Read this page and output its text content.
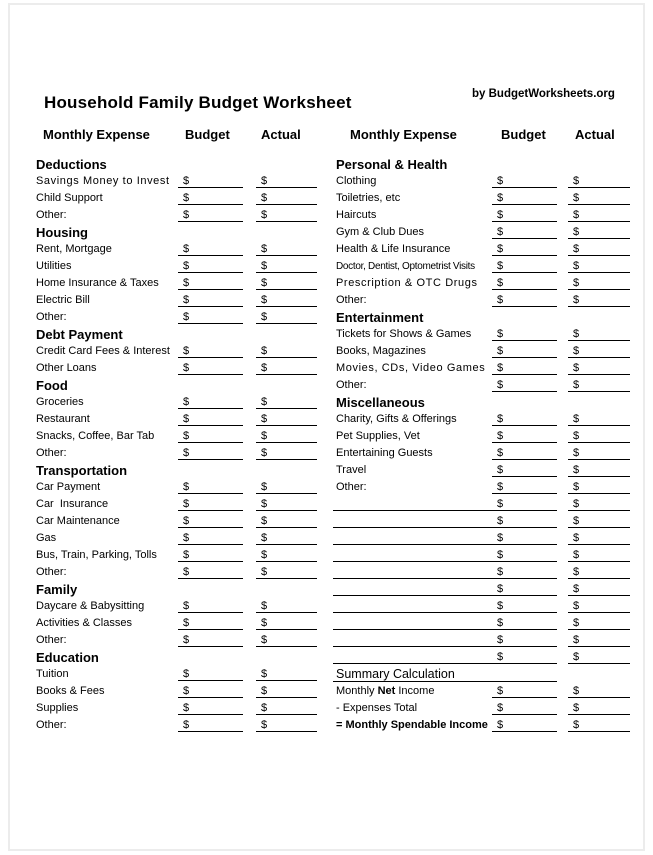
Household Family Budget Worksheet	by BudgetWorksheets.org
Monthly Expense	Budget Actual	Monthly Expense	Budget Actual
Deductions
Savings Money to Invest $	$
Child Support	$	$
Other:	$	$
Housing
Rent, Mortgage	$	$
Utilities	$	$
Home Insurance & Taxes $	$
Electric Bill	$	$
Other:	$	$
Debt Payment
Credit Card Fees & Interest $	$
Other Loans	$	$
Food
Groceries	$	$
Restaurant	$	$
Snacks, Coffee, Bar Tab	$	$
Other:	$	$
Transportation
Car Payment	$	$
Car  Insurance	$	$
Car Maintenance	$	$
Gas	$	$
Bus, Train, Parking, Tolls $	$
Other:	$	$
Family
Daycare & Babysitting	$	$
Activities & Classes	$	$
Other:	$	$
Education
Tuition	$	$
Books & Fees	$	$
Supplies	$	$
Other:	$	$
Personal & Health
Clothing	$	$
Toiletries, etc	$	$
Haircuts	$	$
Gym & Club Dues	$	$
Health & Life Insurance	$	$
Doctor, Dentist, Optometrist Visits $	$
Prescription & OTC Drugs $	$
Other:	$	$
Entertainment
Tickets for Shows & Games $	$
Books, Magazines	$	$
Movies, CDs, Video Games $	$
Other:	$	$
Miscellaneous
Charity, Gifts & Offerings	$	$
Pet Supplies, Vet	$	$
Entertaining Guests	$	$
Travel	$	$
Other:	$	$
$	$
$	$
$	$
$	$
$	$
$	$
$	$
$	$
$	$
$	$
Summary Calculation
Monthly Net Income	$	$
- Expenses Total	$	$
= Monthly Spendable Income $	$
